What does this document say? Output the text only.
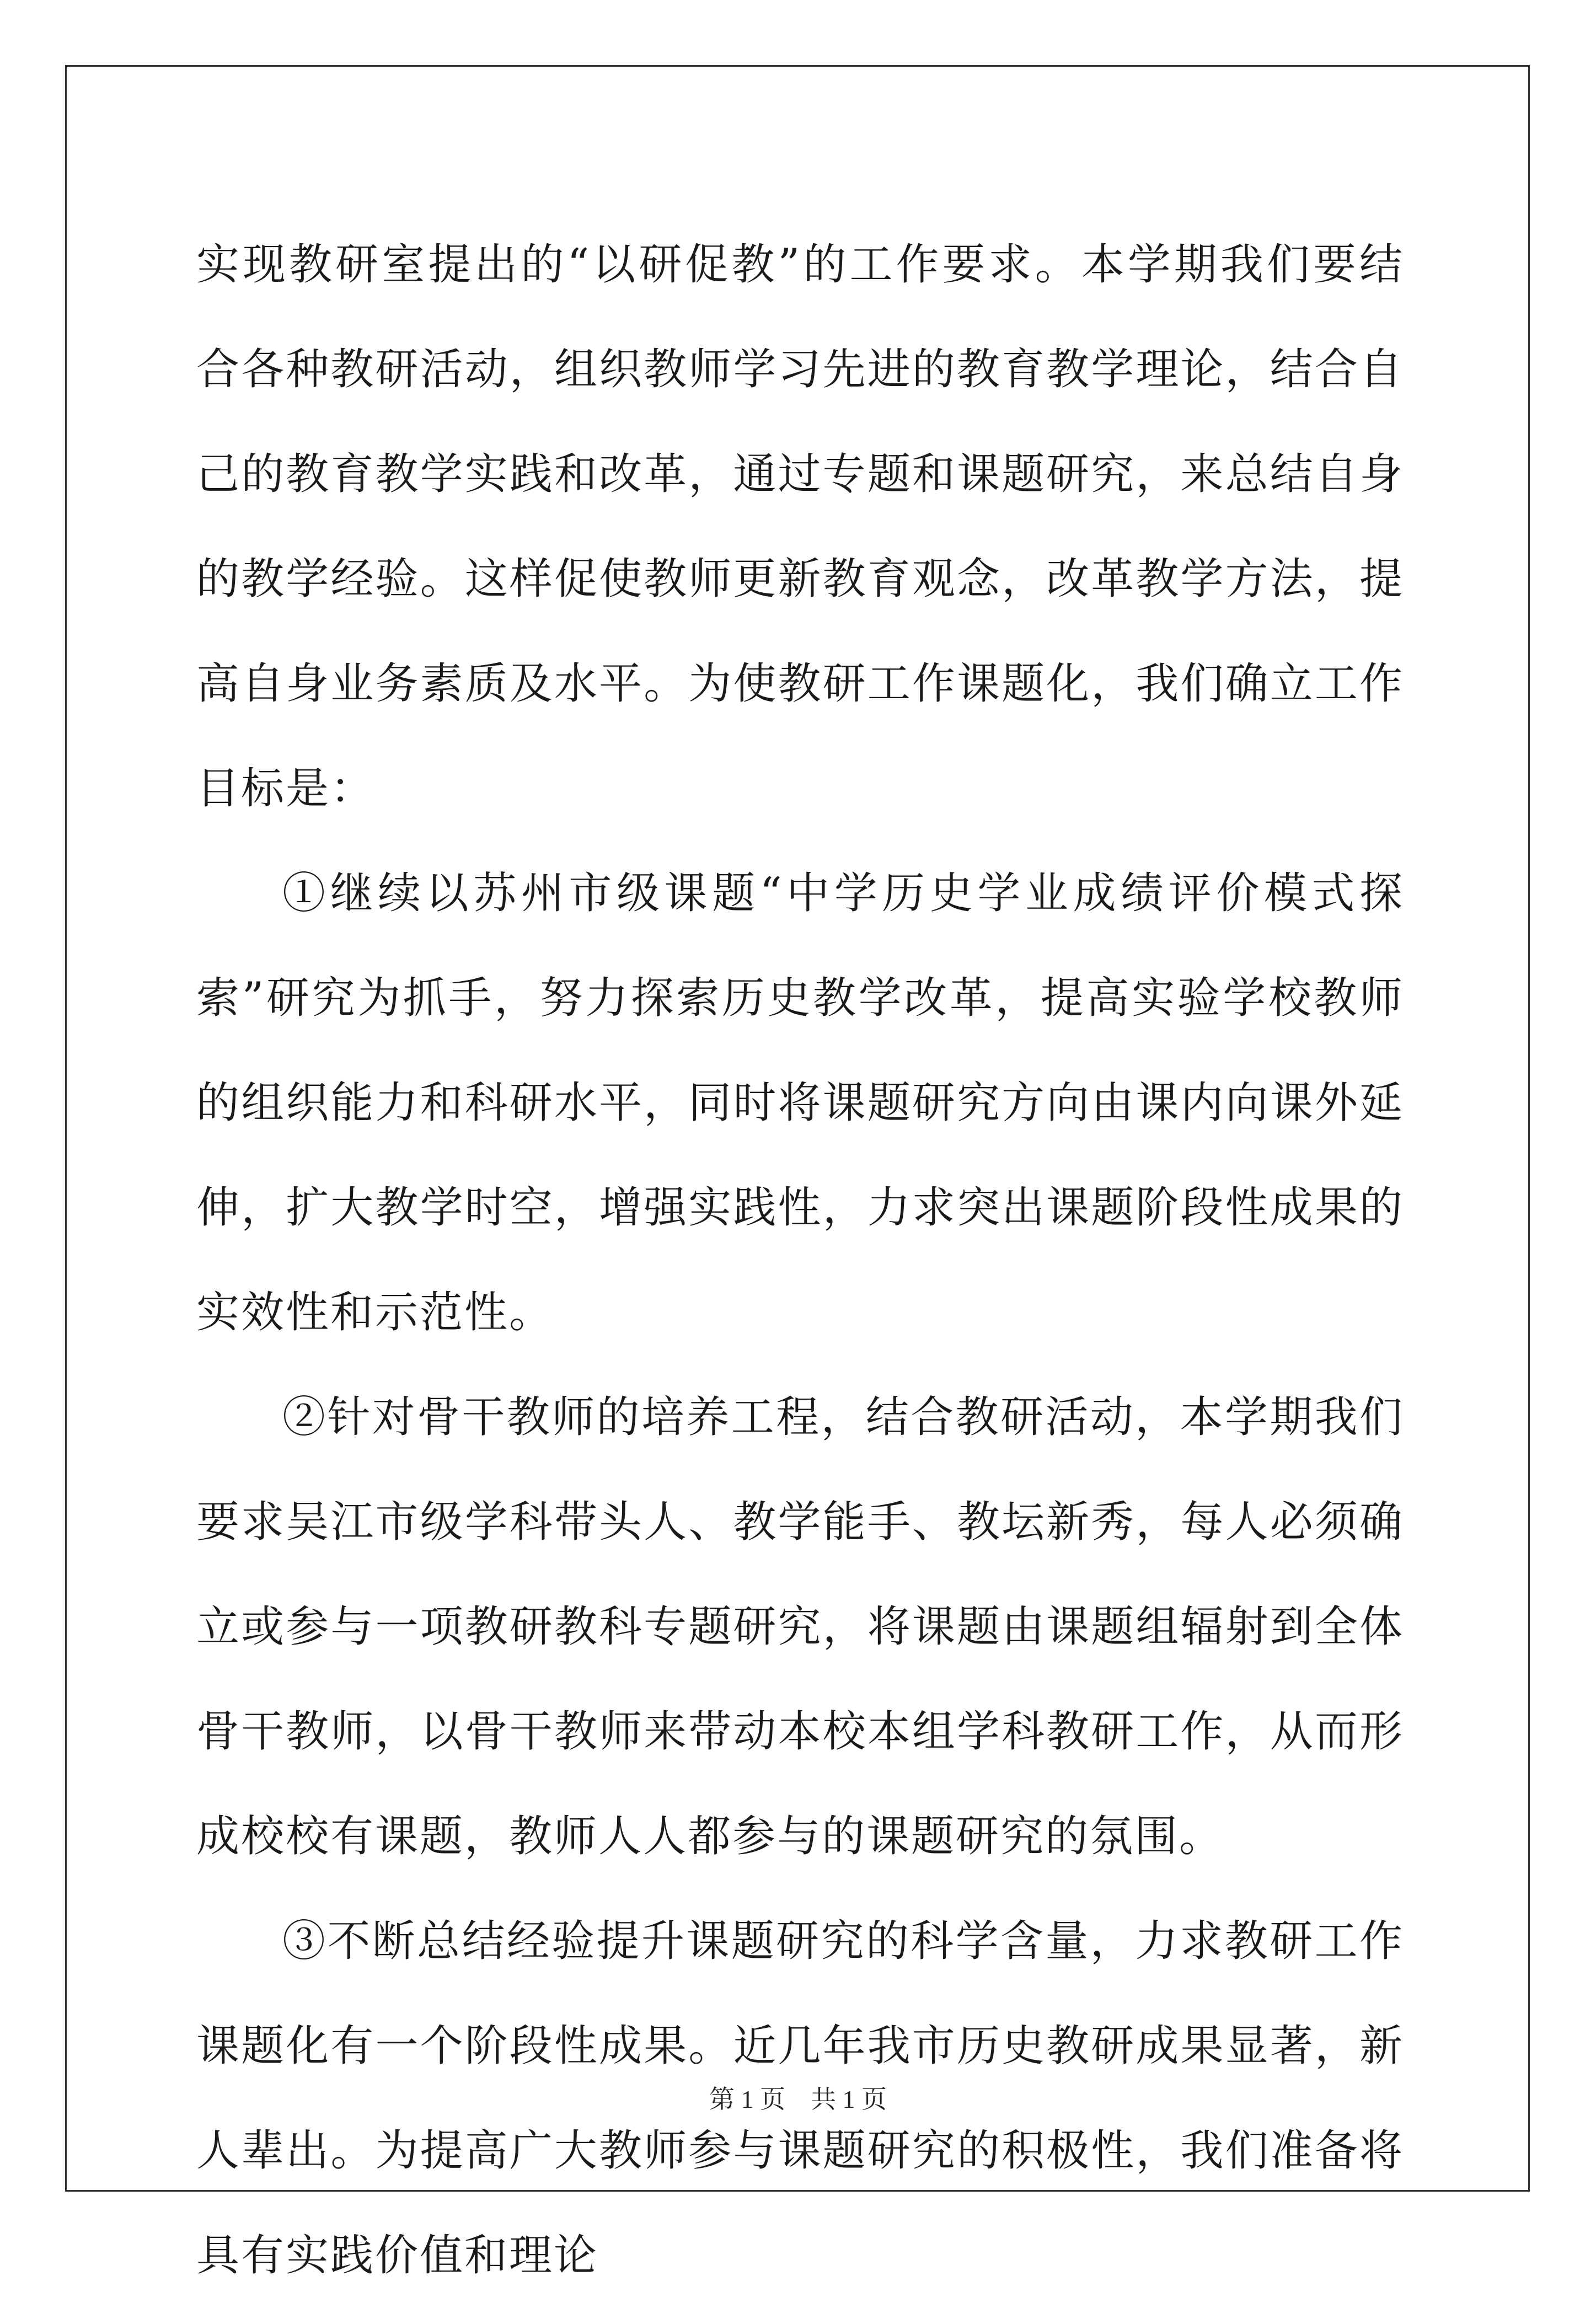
实现教研室提出的“以研促教”的工作要求。本学期我们要结合各种教研活动，组织教师学习先进的教育教学理论，结合自己的教育教学实践和改革，通过专题和课题研究，来总结自身的教学经验。这样促使教师更新教育观念，改革教学方法，提高自身业务素质及水平。为使教研工作课题化，我们确立工作目标是：

①继续以苏州市级课题“中学历史学业成绩评价模式探索”研究为抓手，努力探索历史教学改革，提高实验学校教师的组织能力和科研水平，同时将课题研究方向由课内向课外延伸，扩大教学时空，增强实践性，力求突出课题阶段性成果的实效性和示范性。

②针对骨干教师的培养工程，结合教研活动，本学期我们要求吴江市级学科带头人、教学能手、教坛新秀，每人必须确立或参与一项教研教科专题研究，将课题由课题组辐射到全体骨干教师，以骨干教师来带动本校本组学科教研工作，从而形成校校有课题，教师人人都参与的课题研究的氛围。

③不断总结经验提升课题研究的科学含量，力求教研工作课题化有一个阶段性成果。近几年我市历史教研成果显著，新人辈出。为提高广大教师参与课题研究的积极性，我们准备将具有实践价值和理论

第 1 页　共 1 页
